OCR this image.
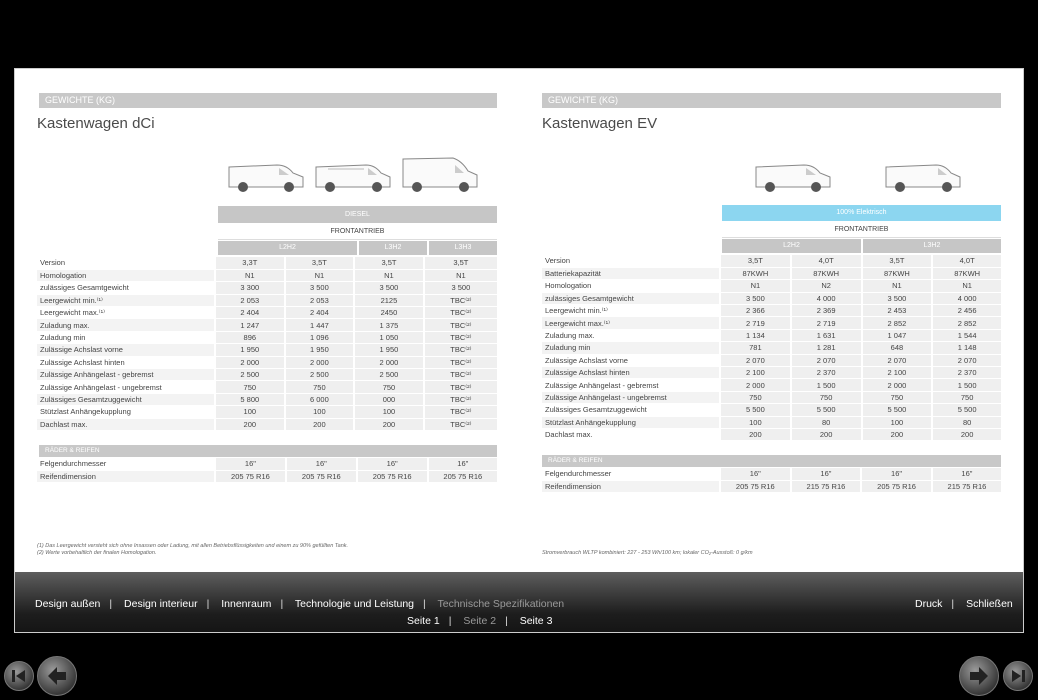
GEWICHTE (KG)
Kastenwagen dCi
DIESEL
FRONTANTRIEB
L2H2	L3H2	L3H3
Version	3,3T	3,5T	3,5T	3,5T
Homologation	N1	N1	N1	N1
zulässiges Gesamtgewicht	3 300	3 500	3 500	3 500
Leergewicht min.⁽¹⁾	2 053	2 053	2125	TBC⁽²⁾
Leergewicht max.⁽¹⁾	2 404	2 404	2450	TBC⁽²⁾
Zuladung max.	1 247	1 447	1 375	TBC⁽²⁾
Zuladung min	896	1 096	1 050	TBC⁽²⁾
Zulässige Achslast vorne	1 950	1 950	1 950	TBC⁽²⁾
Zulässige Achslast hinten	2 000	2 000	2 000	TBC⁽²⁾
Zulässige Anhängelast - gebremst	2 500	2 500	2 500	TBC⁽²⁾
Zulässige Anhängelast - ungebremst	750	750	750	TBC⁽²⁾
Zulässiges Gesamtzuggewicht	5 800	6 000	000	TBC⁽²⁾
Stützlast Anhängekupplung	100	100	100	TBC⁽²⁾
Dachlast max.	200	200	200	TBC⁽²⁾
RÄDER & REIFEN
Felgendurchmesser	16"	16"	16"	16"
Reifendimension	205 75 R16	205 75 R16	205 75 R16	205 75 R16
(1) Das Leergewicht versteht sich ohne Insassen oder Ladung, mit allen Betriebsflüssigkeiten und einem zu 90% gefüllten Tank.
(2) Werte vorbehaltlich der finalen Homologation.
GEWICHTE (KG)
Kastenwagen EV
100% Elektrisch
FRONTANTRIEB
L2H2	L3H2
Version	3,5T	4,0T	3,5T	4,0T
Batteriekapazität	87KWH	87KWH	87KWH	87KWH
Homologation	N1	N2	N1	N1
zulässiges Gesamtgewicht	3 500	4 000	3 500	4 000
Leergewicht min.⁽¹⁾	2 366	2 369	2 453	2 456
Leergewicht max.⁽¹⁾	2 719	2 719	2 852	2 852
Zuladung max.	1 134	1 631	1 047	1 544
Zuladung min	781	1 281	648	1 148
Zulässige Achslast vorne	2 070	2 070	2 070	2 070
Zulässige Achslast hinten	2 100	2 370	2 100	2 370
Zulässige Anhängelast - gebremst	2 000	1 500	2 000	1 500
Zulässige Anhängelast - ungebremst	750	750	750	750
Zulässiges Gesamtzuggewicht	5 500	5 500	5 500	5 500
Stützlast Anhängekupplung	100	80	100	80
Dachlast max.	200	200	200	200
RÄDER & REIFEN
Felgendurchmesser	16"	16"	16"	16"
Reifendimension	205 75 R16	215 75 R16	205 75 R16	215 75 R16
Stromverbrauch WLTP kombiniert: 227 - 253 Wh/100 km; lokaler CO₂-Ausstoß: 0 g/km
Design außen | Design interieur | Innenraum | Technologie und Leistung | Technische Spezifikationen
Seite 1 | Seite 2 | Seite 3
Druck | Schließen
